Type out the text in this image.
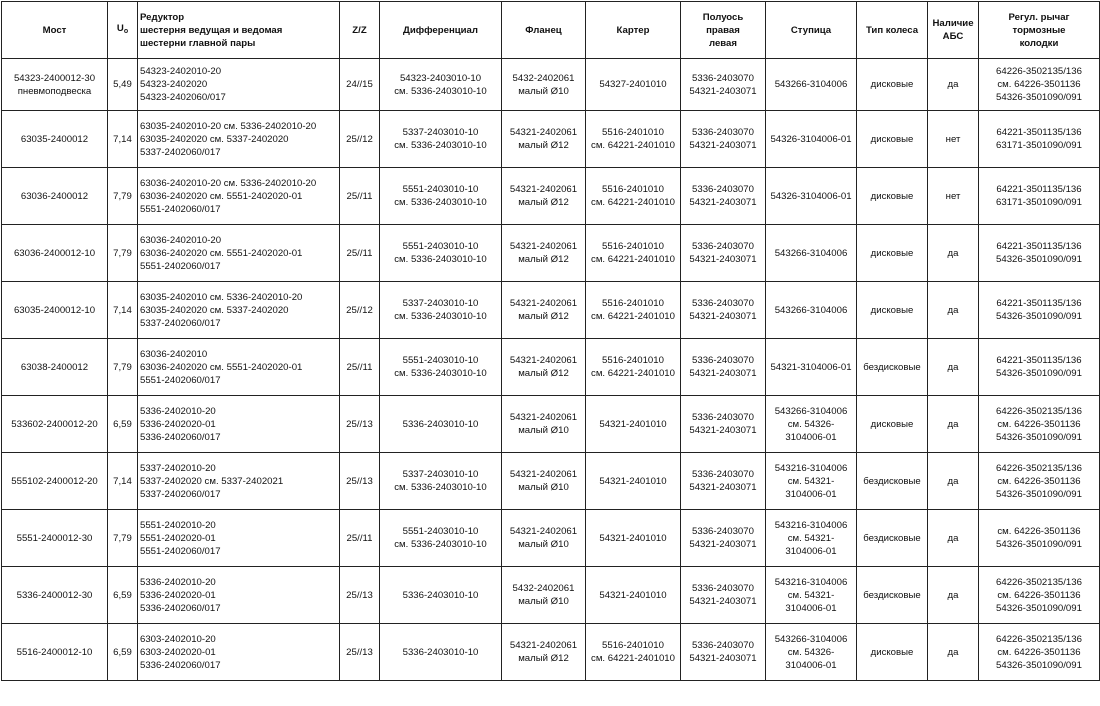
Мост	$U_o$	Редуктор
шестерня ведущая и ведомая
шестерни главной пары	Z/Z	Дифференциал	Фланец	Картер	Полуось
правая
левая	Ступица	Тип колеса	Наличие
АБС	Регул. рычаг
тормозные
колодки

54323-2400012-30
пневмоподвеска	5,49	54323-2402010-20
54323-2402020
54323-2402060/017	24//15	54323-2403010-10
см. 5336-2403010-10	5432-2402061
малый Ø10	54327-2401010	5336-2403070
54321-2403071	543266-3104006	дисковые	да	64226-3502135/136
см. 64226-3501136
54326-3501090/091

63035-2400012	7,14	63035-2402010-20 см. 5336-2402010-20
63035-2402020 см. 5337-2402020
5337-2402060/017	25//12	5337-2403010-10
см. 5336-2403010-10	54321-2402061
малый Ø12	5516-2401010
см. 64221-2401010	5336-2403070
54321-2403071	54326-3104006-01	дисковые	нет	64221-3501135/136
63171-3501090/091

63036-2400012	7,79	63036-2402010-20 см. 5336-2402010-20
63036-2402020 см. 5551-2402020-01
5551-2402060/017	25//11	5551-2403010-10
см. 5336-2403010-10	54321-2402061
малый Ø12	5516-2401010
см. 64221-2401010	5336-2403070
54321-2403071	54326-3104006-01	дисковые	нет	64221-3501135/136
63171-3501090/091

63036-2400012-10	7,79	63036-2402010-20
63036-2402020 см. 5551-2402020-01
5551-2402060/017	25//11	5551-2403010-10
см. 5336-2403010-10	54321-2402061
малый Ø12	5516-2401010
см. 64221-2401010	5336-2403070
54321-2403071	543266-3104006	дисковые	да	64221-3501135/136
54326-3501090/091

63035-2400012-10	7,14	63035-2402010 см. 5336-2402010-20
63035-2402020 см. 5337-2402020
5337-2402060/017	25//12	5337-2403010-10
см. 5336-2403010-10	54321-2402061
малый Ø12	5516-2401010
см. 64221-2401010	5336-2403070
54321-2403071	543266-3104006	дисковые	да	64221-3501135/136
54326-3501090/091

63038-2400012	7,79	63036-2402010
63036-2402020 см. 5551-2402020-01
5551-2402060/017	25//11	5551-2403010-10
см. 5336-2403010-10	54321-2402061
малый Ø12	5516-2401010
см. 64221-2401010	5336-2403070
54321-2403071	54321-3104006-01	бездисковые	да	64221-3501135/136
54326-3501090/091

533602-2400012-20	6,59	5336-2402010-20
5336-2402020-01
5336-2402060/017	25//13	5336-2403010-10	54321-2402061
малый Ø10	54321-2401010	5336-2403070
54321-2403071	543266-3104006
см. 54326-
3104006-01	дисковые	да	64226-3502135/136
см. 64226-3501136
54326-3501090/091

555102-2400012-20	7,14	5337-2402010-20
5337-2402020 см. 5337-2402021
5337-2402060/017	25//13	5337-2403010-10
см. 5336-2403010-10	54321-2402061
малый Ø10	54321-2401010	5336-2403070
54321-2403071	543216-3104006
см. 54321-
3104006-01	бездисковые	да	64226-3502135/136
см. 64226-3501136
54326-3501090/091

5551-2400012-30	7,79	5551-2402010-20
5551-2402020-01
5551-2402060/017	25//11	5551-2403010-10
см. 5336-2403010-10	54321-2402061
малый Ø10	54321-2401010	5336-2403070
54321-2403071	543216-3104006
см. 54321-
3104006-01	бездисковые	да	см. 64226-3501136
54326-3501090/091

5336-2400012-30	6,59	5336-2402010-20
5336-2402020-01
5336-2402060/017	25//13	5336-2403010-10	5432-2402061
малый Ø10	54321-2401010	5336-2403070
54321-2403071	543216-3104006
см. 54321-
3104006-01	бездисковые	да	64226-3502135/136
см. 64226-3501136
54326-3501090/091

5516-2400012-10	6,59	6303-2402010-20
6303-2402020-01
5336-2402060/017	25//13	5336-2403010-10	54321-2402061
малый Ø12	5516-2401010
см. 64221-2401010	5336-2403070
54321-2403071	543266-3104006
см. 54326-
3104006-01	дисковые	да	64226-3502135/136
см. 64226-3501136
54326-3501090/091
